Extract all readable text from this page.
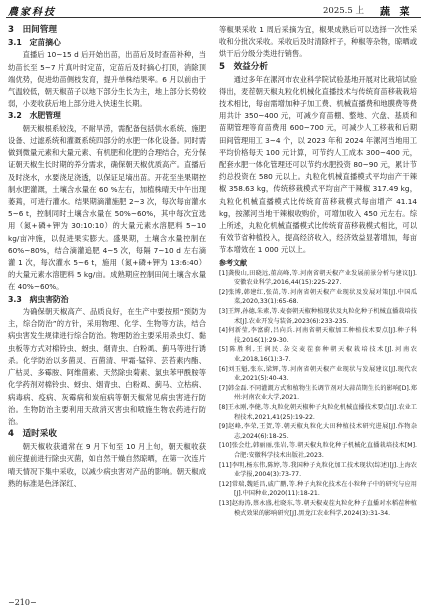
農家科技	2025.5 上 蔬 菜

3　田间管理

3.1　定苗摘心

直播后 10~15 d 后开始出苗，出苗后及时查苗补种，当幼苗长至 5~7 片真叶时定苗，定苗后及时摘心打顶，消除顶端优势，促进幼苗侧枝发育，提升单株结果率。6 月以前由于气温较低，朝天椒苗子以地下部分生长为主，地上部分长势较弱，小麦收获后地上部分进入快速生长期。

3.2　水肥管理

朝天椒根系较浅，不耐旱涝，需配备包括供水系统、施肥设备、过滤系统和灌溉系统四部分的水肥一体化设备。同时需做到微量元素和大量元素、有机肥和化肥的合理结合，充分保证朝天椒生长时期的养分需求，确保朝天椒优质高产。直播后及时浇水，水要浇足浇透，以保证足墒出苗。开花至坐果期控制水肥灌溉，土壤含水量在 60 %左右，加植株晴天中午出现萎蔫，可进行灌水。结果期滴灌施肥 2~3 次，每次每亩灌水 5~6 t，控制同时土壤含水量在 50%~60%，其中每次宜选用（氮+磷+钾为 30:10:10）的大量元素水溶肥料 5~10 kg/亩冲施，以促进果实膨大。盛果期，土壤含水量控制在 60%~80%，结合滴灌追肥 4~5 次，每隔 7~10 d 左右滴灌 1 次，每次灌水 5~6 t，施用（氮+磷+钾为 13:6:40）的大量元素水溶肥料 5 kg/亩。成熟期应控制田间土壤含水量在 40%~60%。

3.3　病虫害防治

为确保朝天椒高产、品质良好，在生产中要按照“预防为主，综合防治”的方针，采用物理、化学、生物等方法，结合病虫害发生规律进行综合防治。物理防治主要采用杀虫灯、黏虫板等方式对棉铃虫、蚜虫、烟青虫、白粉虱、蓟马等进行诱杀。化学防治以多菌灵、百菌清、甲霜·锰锌、芸苔素内酯、广枯灵、多霉胺、阿维菌素、天然除虫菊素、氯虫苯甲酰胺等化学药剂对棉铃虫、蚜虫、烟青虫、白粉虱、蓟马、立枯病、病毒病、疫病、灰霉病和炭疽病等朝天椒常见病虫害进行防治。生物防治主要利用天敌消灭害虫和喷施生物农药进行防治。

4　适时采收

朝天椒收获通常在 9 月下旬至 10 月上旬，朝天椒收获前应提前进行除虫灭菌，如自然干燥自然晾晒，在第一次连片晴天情况下集中采收，以减少病虫害对产品的影响。朝天椒成熟的标准是色泽深红、

等椒果采收 1 周后采摘为宜，椒果成熟后可以选择一次性采收和分批次采收。采收后及时清除杆子，种椒等杂物，晾晒或烘干后分级分类进行销售。

5　效益分析

通过多年在漯河市农业科学院试验基地开展对比栽培试验得出，麦茬朝天椒丸粒化机械化直播技术与传统育苗移栽栽培技术相比，每亩需增加种子加工费、机械直播费和地膜费等费用共计 350~400 元，可减少育苗棚、整地、穴盘、基质和苗期管理等育苗费用 600~700 元，可减少人工移栽和后期田间管理用工 3~4 个，以 2023 年和 2024 年漯河当地用工平均价格每天 100 元计算，可节约人工成本 300~400 元，配套水肥一体化管理还可以节约水肥投资 80~90 元，累计节约总投资在 580 元以上。丸粒化机械直播模式平均亩产干辣椒 358.63 kg，传统移栽模式平均亩产干辣椒 317.49 kg，丸粒化机械直播模式比传统育苗移栽模式每亩增产 41.14 kg，按漯河当地干辣椒收购价，可增加收入 450 元左右。综上所述，丸粒化机械直播模式比传统育苗移栽模式相比，可以有效节省种植投入，提高经济收入，经济效益显著增加，每亩节本增效在 1 000 元以上。

参考文献

[1]龚俊山,田晓远,董高峰,等.河南省朝天椒产业发展前景分析与建议[J].安徽农业科学,2016,44(15):225-227.
[2]张博,韩建红,张苗,等.河南省朝天椒产业现状及发展对策[J].中国瓜菜,2020,33(1):65-68.
[3]王辉,孙德,朱素,等.麦套朝天椒种植现状及丸粒化种子机械直播栽培技术[J].农业开发与装备,2023(6):233-235.
[4]何新莹,李富蔚,吕向兵.河南省朝天椒加工种植技术要点[J].种子科技,2016(1):29-30.
[5]陈胜利,王润民.杂交麦茬套种朝天椒栽培技术[J].河南农业,2018,16(1):3-7.
[6]刘玉魁,张东,梁辉,等.河南省朝天椒产业现状与发展建议[J].现代农业,2021(5):40-43.
[7]韩金磊.不同灌溉方式和植物生长调节剂对大蒜苗期生长的影响[D].郑州:河南农业大学,2021.
[8]王永刚,李健,等.丸粒化朝天椒种子丸粒化机械直播技术要点[J].农业工程技术,2021,41(25):19-22.
[9]赵峰,李荣,王贺,等.朝天椒丸粒化大田种植技术研究进展[J].作物杂志,2024(6):18-25.
[10]张会灶,韩丽丽,张岩,等.朝天椒丸粒化种子机械化直播栽培技术[M].合肥:安徽科学技术出版社,2023.
[11]李明,杨东伟,陈婷,等.我国种子丸粒化加工技术现状(综述)[J].上海农业学报,2004(3):73-77.
[12]常瑞,魏延昌,戚广鹏,等.种子丸粒化技术在小粒种子中的研究与应用[J].中国种业,2020(11):18-21.
[13]赵海涛,蔡永盛,杜晓东,等.朝天椒麦茬丸粒化种子直播对水稻茬种植模式效果的影响研究[J].黑龙江农业科学,2024(3):31-34.
−210−
